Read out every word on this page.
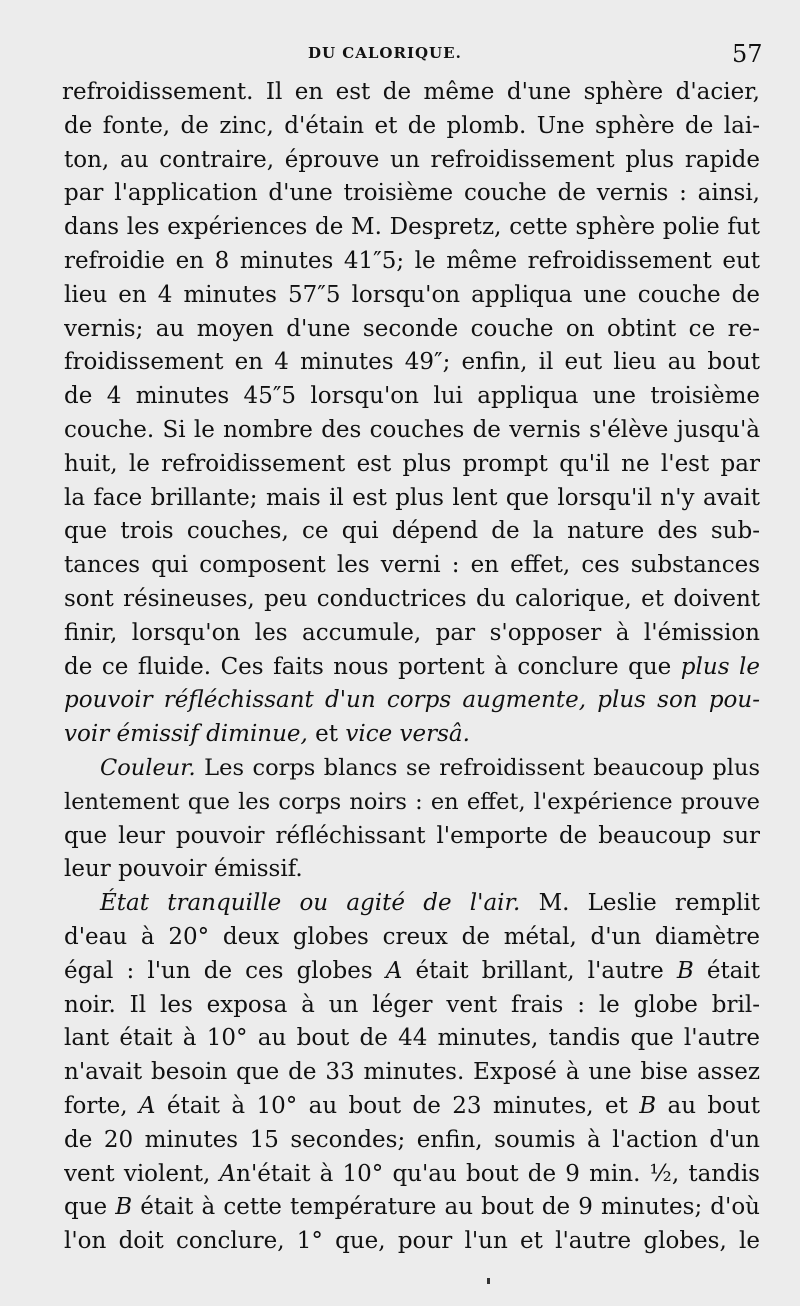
DU CALORIQUE.	57
refroidissement. Il en est de même d'une sphère d'acier,
de fonte, de zinc, d'étain et de plomb. Une sphère de lai-
ton, au contraire, éprouve un refroidissement plus rapide
par l'application d'une troisième couche de vernis : ainsi,
dans les expériences de M. Despretz, cette sphère polie fut
refroidie en 8 minutes 41″5; le même refroidissement eut
lieu en 4 minutes 57″5 lorsqu'on appliqua une couche de
vernis; au moyen d'une seconde couche on obtint ce re-
froidissement en 4 minutes 49″; enfin, il eut lieu au bout
de 4 minutes 45″5 lorsqu'on lui appliqua une troisième
couche. Si le nombre des couches de vernis s'élève jusqu'à
huit, le refroidissement est plus prompt qu'il ne l'est par
la face brillante; mais il est plus lent que lorsqu'il n'y avait
que trois couches, ce qui dépend de la nature des sub-
tances qui composent les verni : en effet, ces substances
sont résineuses, peu conductrices du calorique, et doivent
finir, lorsqu'on les accumule, par s'opposer à l'émission
de ce fluide. Ces faits nous portent à conclure que plus le
pouvoir réfléchissant d'un corps augmente, plus son pou-
voir émissif diminue, et vice versâ.
Couleur. Les corps blancs se refroidissent beaucoup plus
lentement que les corps noirs : en effet, l'expérience prouve
que leur pouvoir réfléchissant l'emporte de beaucoup sur
leur pouvoir émissif.
État tranquille ou agité de l'air. M. Leslie remplit
d'eau à 20° deux globes creux de métal, d'un diamètre
égal : l'un de ces globes A était brillant, l'autre B était
noir. Il les exposa à un léger vent frais : le globe bril-
lant était à 10° au bout de 44 minutes, tandis que l'autre
n'avait besoin que de 33 minutes. Exposé à une bise assez
forte, A était à 10° au bout de 23 minutes, et B au bout
de 20 minutes 15 secondes; enfin, soumis à l'action d'un
vent violent, An'était à 10° qu'au bout de 9 min. ½, tandis
que B était à cette température au bout de 9 minutes; d'où
l'on doit conclure, 1° que, pour l'un et l'autre globes, le
